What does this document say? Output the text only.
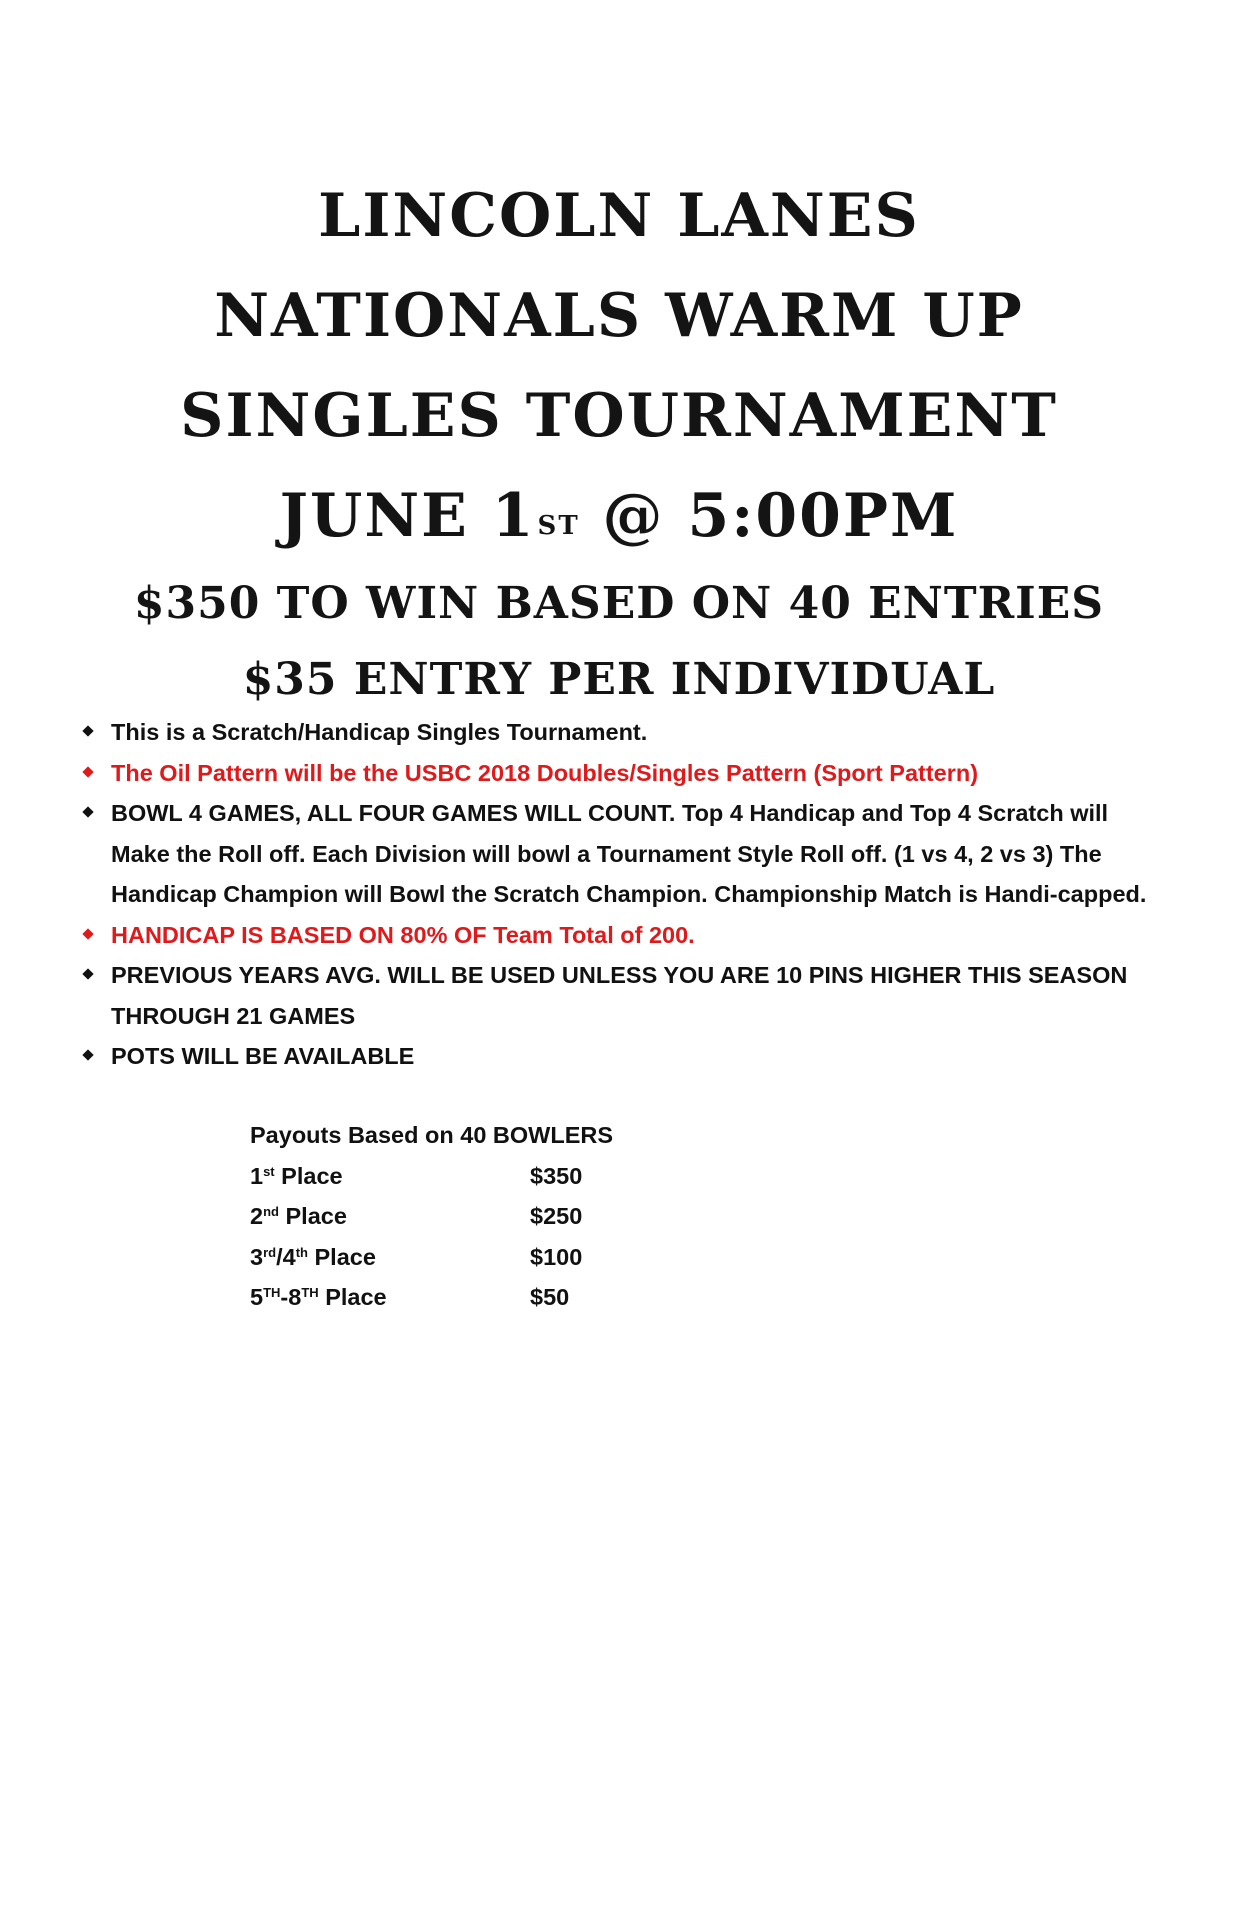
LINCOLN LANES
NATIONALS WARM UP
SINGLES TOURNAMENT
JUNE 1ST @ 5:00PM
$350 TO WIN BASED ON 40 ENTRIES
$35 ENTRY PER INDIVIDUAL
This is a Scratch/Handicap Singles Tournament.
The Oil Pattern will be the USBC 2018 Doubles/Singles Pattern (Sport Pattern)
BOWL 4 GAMES, ALL FOUR GAMES WILL COUNT. Top 4 Handicap and Top 4 Scratch will Make the Roll off. Each Division will bowl a Tournament Style Roll off. (1 vs 4, 2 vs 3) The Handicap Champion will Bowl the Scratch Champion. Championship Match is Handi-capped.
HANDICAP IS BASED ON 80% OF Team Total of 200.
PREVIOUS YEARS AVG. WILL BE USED UNLESS YOU ARE 10 PINS HIGHER THIS SEASON THROUGH 21 GAMES
POTS WILL BE AVAILABLE
Payouts Based on 40 BOWLERS
1st Place	$350
2nd Place	$250
3rd/4th Place	$100
5TH-8TH Place	$50
